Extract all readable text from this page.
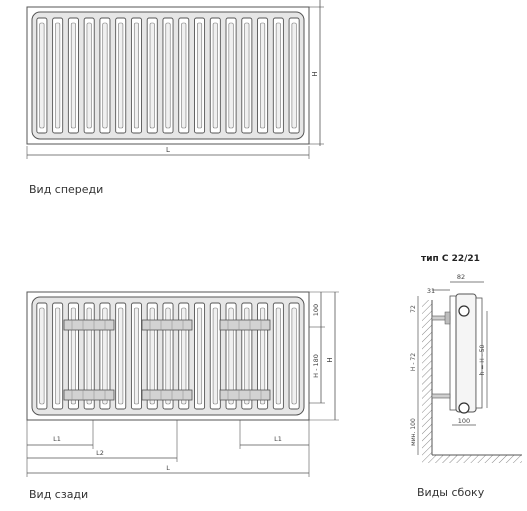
H
L
100
H - 180 H
L1	L1
L2
L
82
31
72
H - 72
мин. 100
h = H - 50
100
Вид спереди
Вид сзади
тип С 22/21
Виды сбоку
